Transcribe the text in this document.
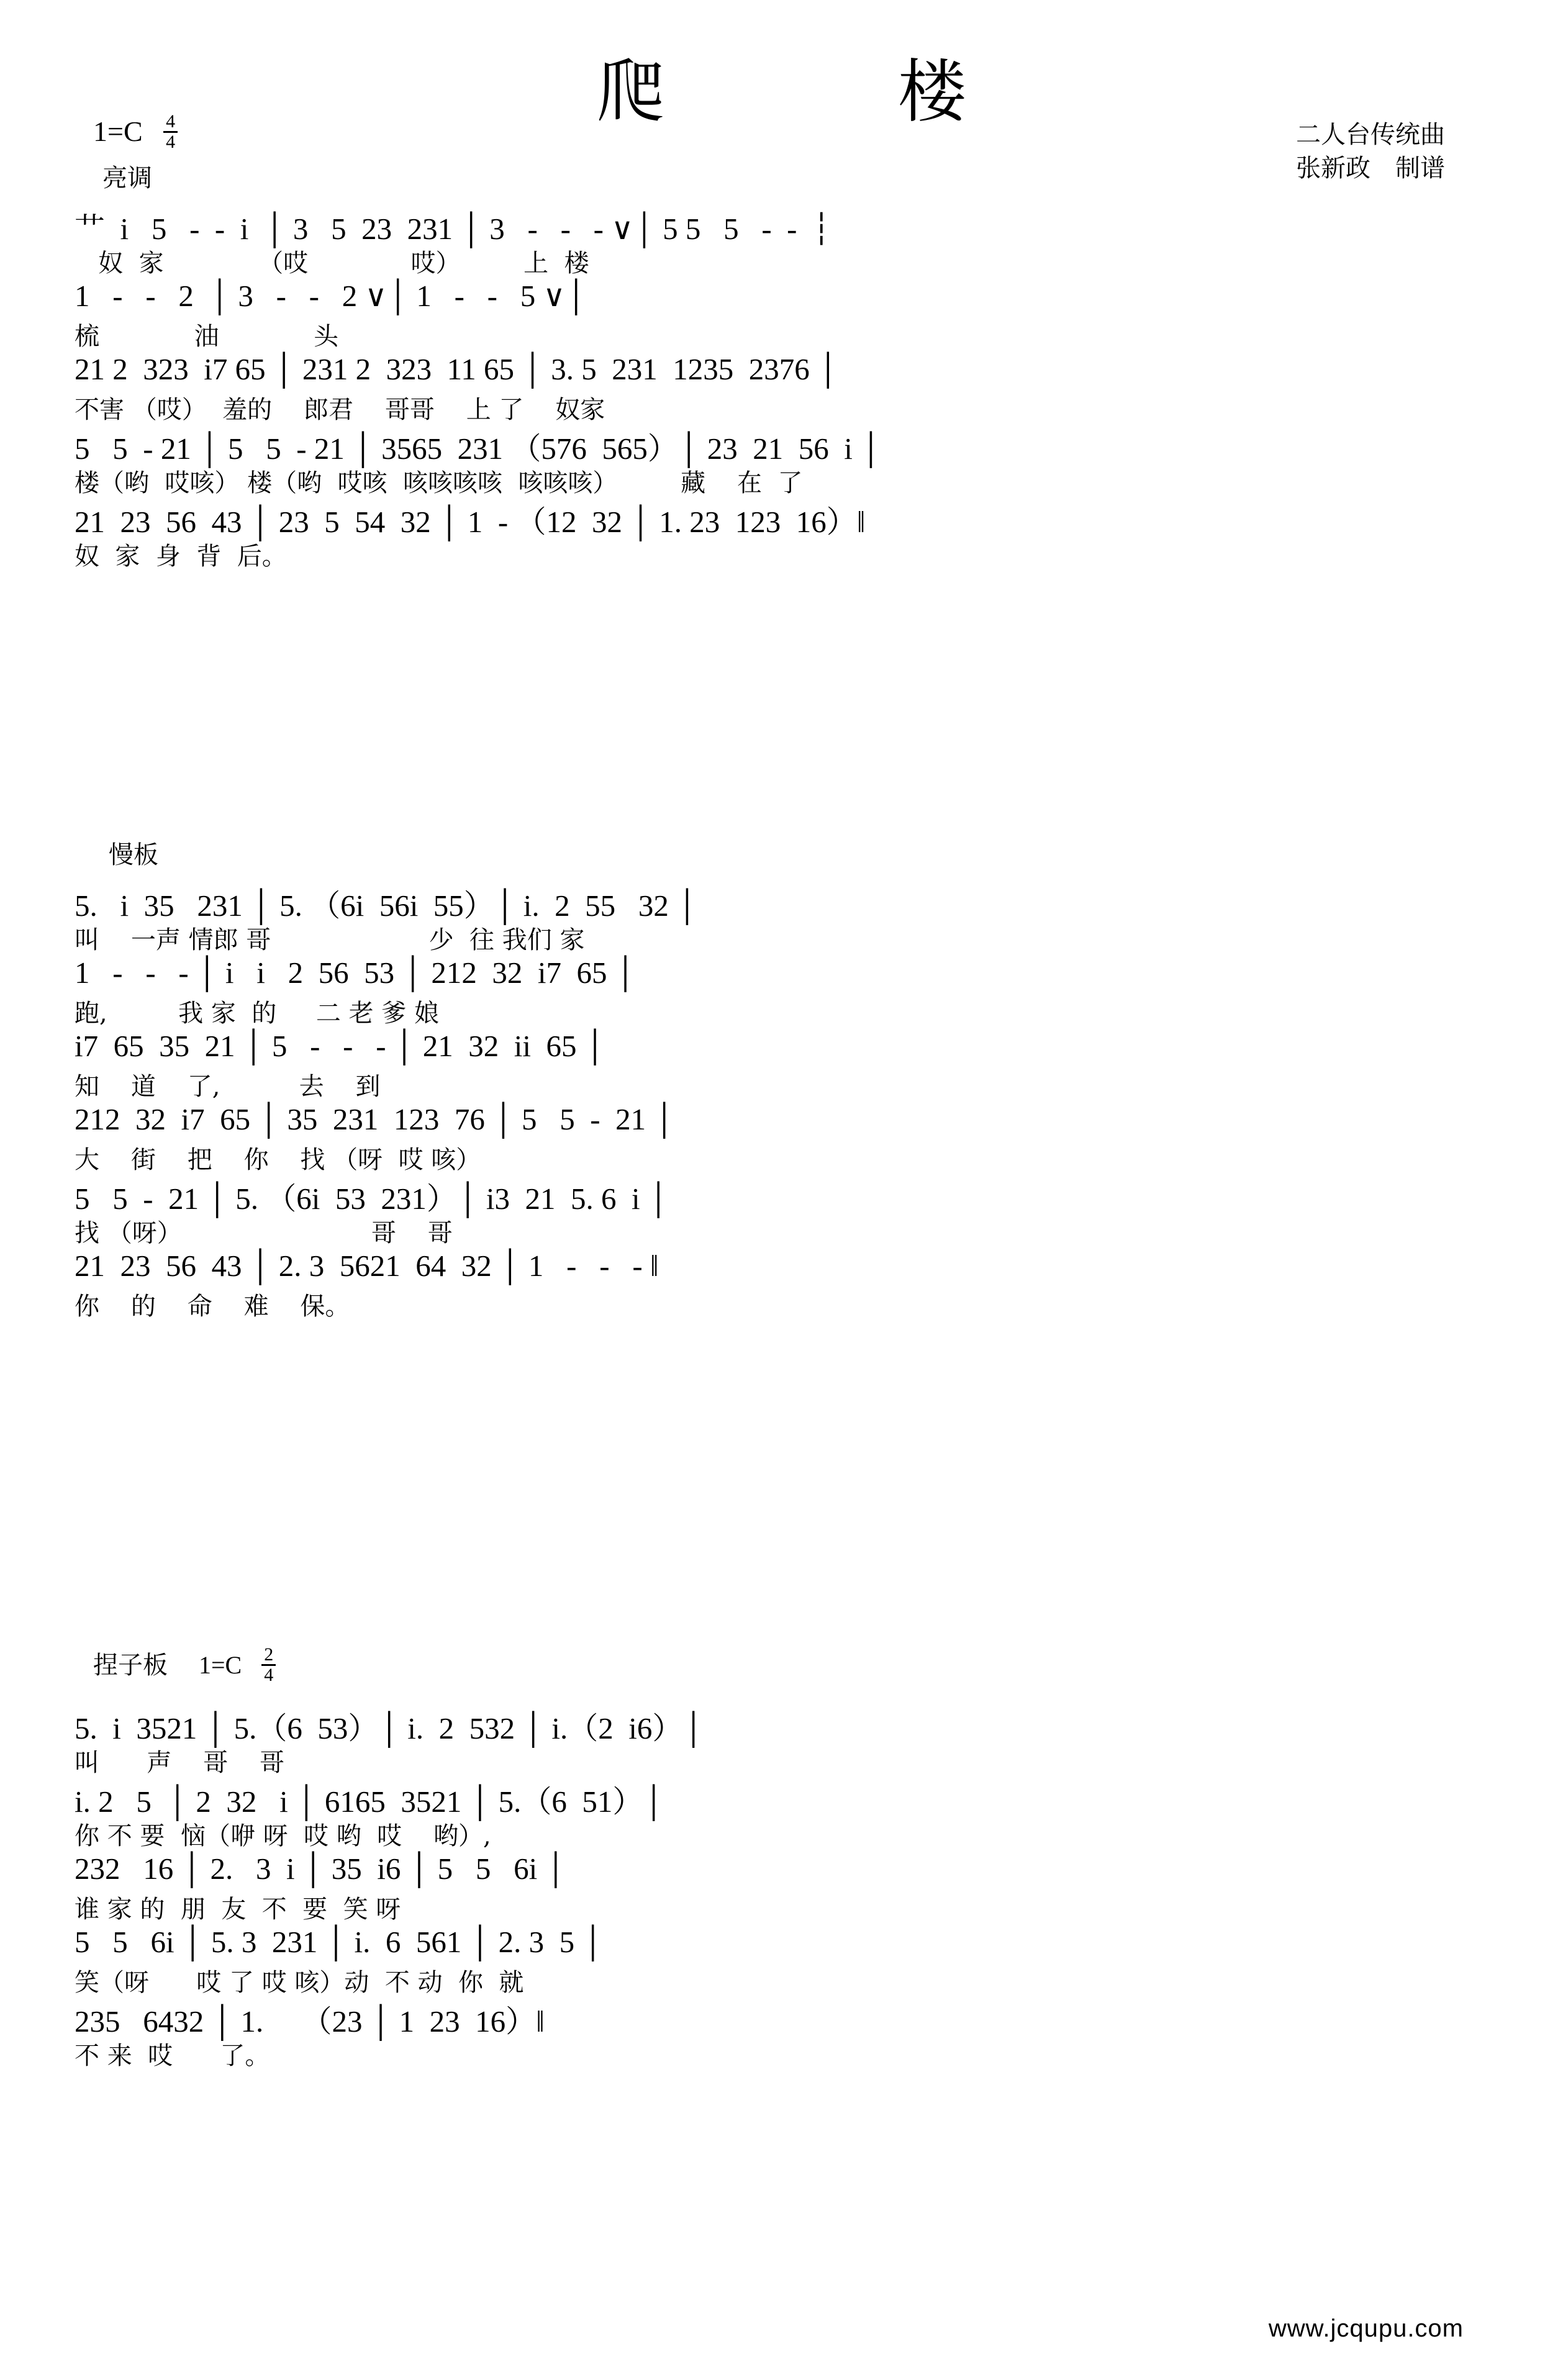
爬 楼
$1=C \frac{4}{4}$
亮调
二人台传统曲
张新政　制谱
艹  i   5   -  -  i  │ 3   5  23  231 │ 3   -   -   - ∨│ 5 5   5   -  -  ┆
奴  家            （哎             哎）        上  楼
1   -   -   2  │ 3   -   -   2 ∨│ 1   -   -   5 ∨│
梳            油            头
21 2  323  i7 65 │ 231 2  323  11 65 │ 3. 5  231  1235  2376 │
不害 （哎）  羞的    郎君    哥哥    上 了    奴家
5   5  - 21 │ 5   5  - 21 │ 3565  231 （576  565）│ 23  21  56  i │
楼（哟  哎咳） 楼（哟  哎咳  咳咳咳咳  咳咳咳）        藏    在  了
21  23  56  43 │ 23  5  54  32 │ 1  - （12  32 │ 1. 23  123  16）‖
奴  家  身  背  后。
慢板
5.   i  35   231 │ 5. （6i  56i  55）│ i.  2  55   32 │
叫    一声 情郎 哥                    少  往 我们 家
1   -   -   - │ i   i   2  56  53 │ 212  32  i7  65 │
跑,         我 家  的     二 老 爹 娘
i7  65  35  21 │ 5   -   -   - │ 21  32  ii  65 │
知    道    了,          去    到
212  32  i7  65 │ 35  231  123  76 │ 5   5  -  21 │
大    街    把    你    找 （呀  哎 咳）
5   5  -  21 │ 5. （6i  53  231）│ i3  21  5. 6  i │
找 （呀）                        哥    哥
21  23  56  43 │ 2. 3  5621  64  32 │ 1   -   -   - ‖
你    的    命    难    保。
捏子板 $1=C \frac{2}{4}$
5.  i  3521 │ 5.（6  53）│ i.  2  532 │ i.（2  i6）│
叫      声    哥    哥
i. 2   5  │ 2  32   i │ 6165  3521 │ 5.（6  51）│
你 不 要  恼（咿 呀  哎 哟  哎    哟）,
232   16 │ 2.   3  i │ 35  i6 │ 5   5   6i │
谁 家 的  朋  友  不  要  笑 呀
5   5   6i │ 5. 3  231 │ i.  6  561 │ 2. 3  5 │
笑（呀      哎 了 哎 咳）动  不 动  你  就
235   6432 │ 1.     （23 │ 1  23  16）‖
不 来  哎      了。
www.jcqupu.com
